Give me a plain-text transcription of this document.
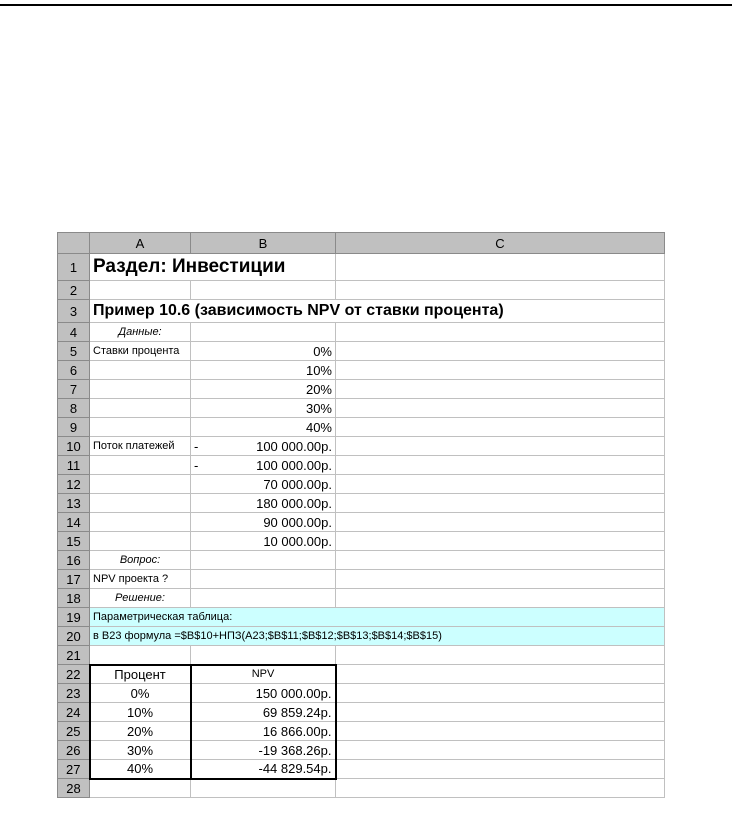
	A	B	C
1	Раздел: Инвестиции		
2			
3	Пример 10.6 (зависимость NPV от ставки процента)		
4	Данные:		
5	Ставки процента	0%	
6		10%	
7		20%	
8		30%	
9		40%	
10	Поток платежей	- 100 000.00р.	
11		- 100 000.00р.	
12		70 000.00р.	
13		180 000.00р.	
14		90 000.00р.	
15		10 000.00р.	
16	Вопрос:		
17	NPV проекта ?		
18	Решение:		
19	Параметрическая таблица:		
20	в B23 формула =$B$10+НПЗ(A23;$B$11;$B$12;$B$13;$B$14;$B$15)		
21			
22	Процент	NPV	
23	0%	150 000.00р.	
24	10%	69 859.24р.	
25	20%	16 866.00р.	
26	30%	-19 368.26р.	
27	40%	-44 829.54р.	
28			
